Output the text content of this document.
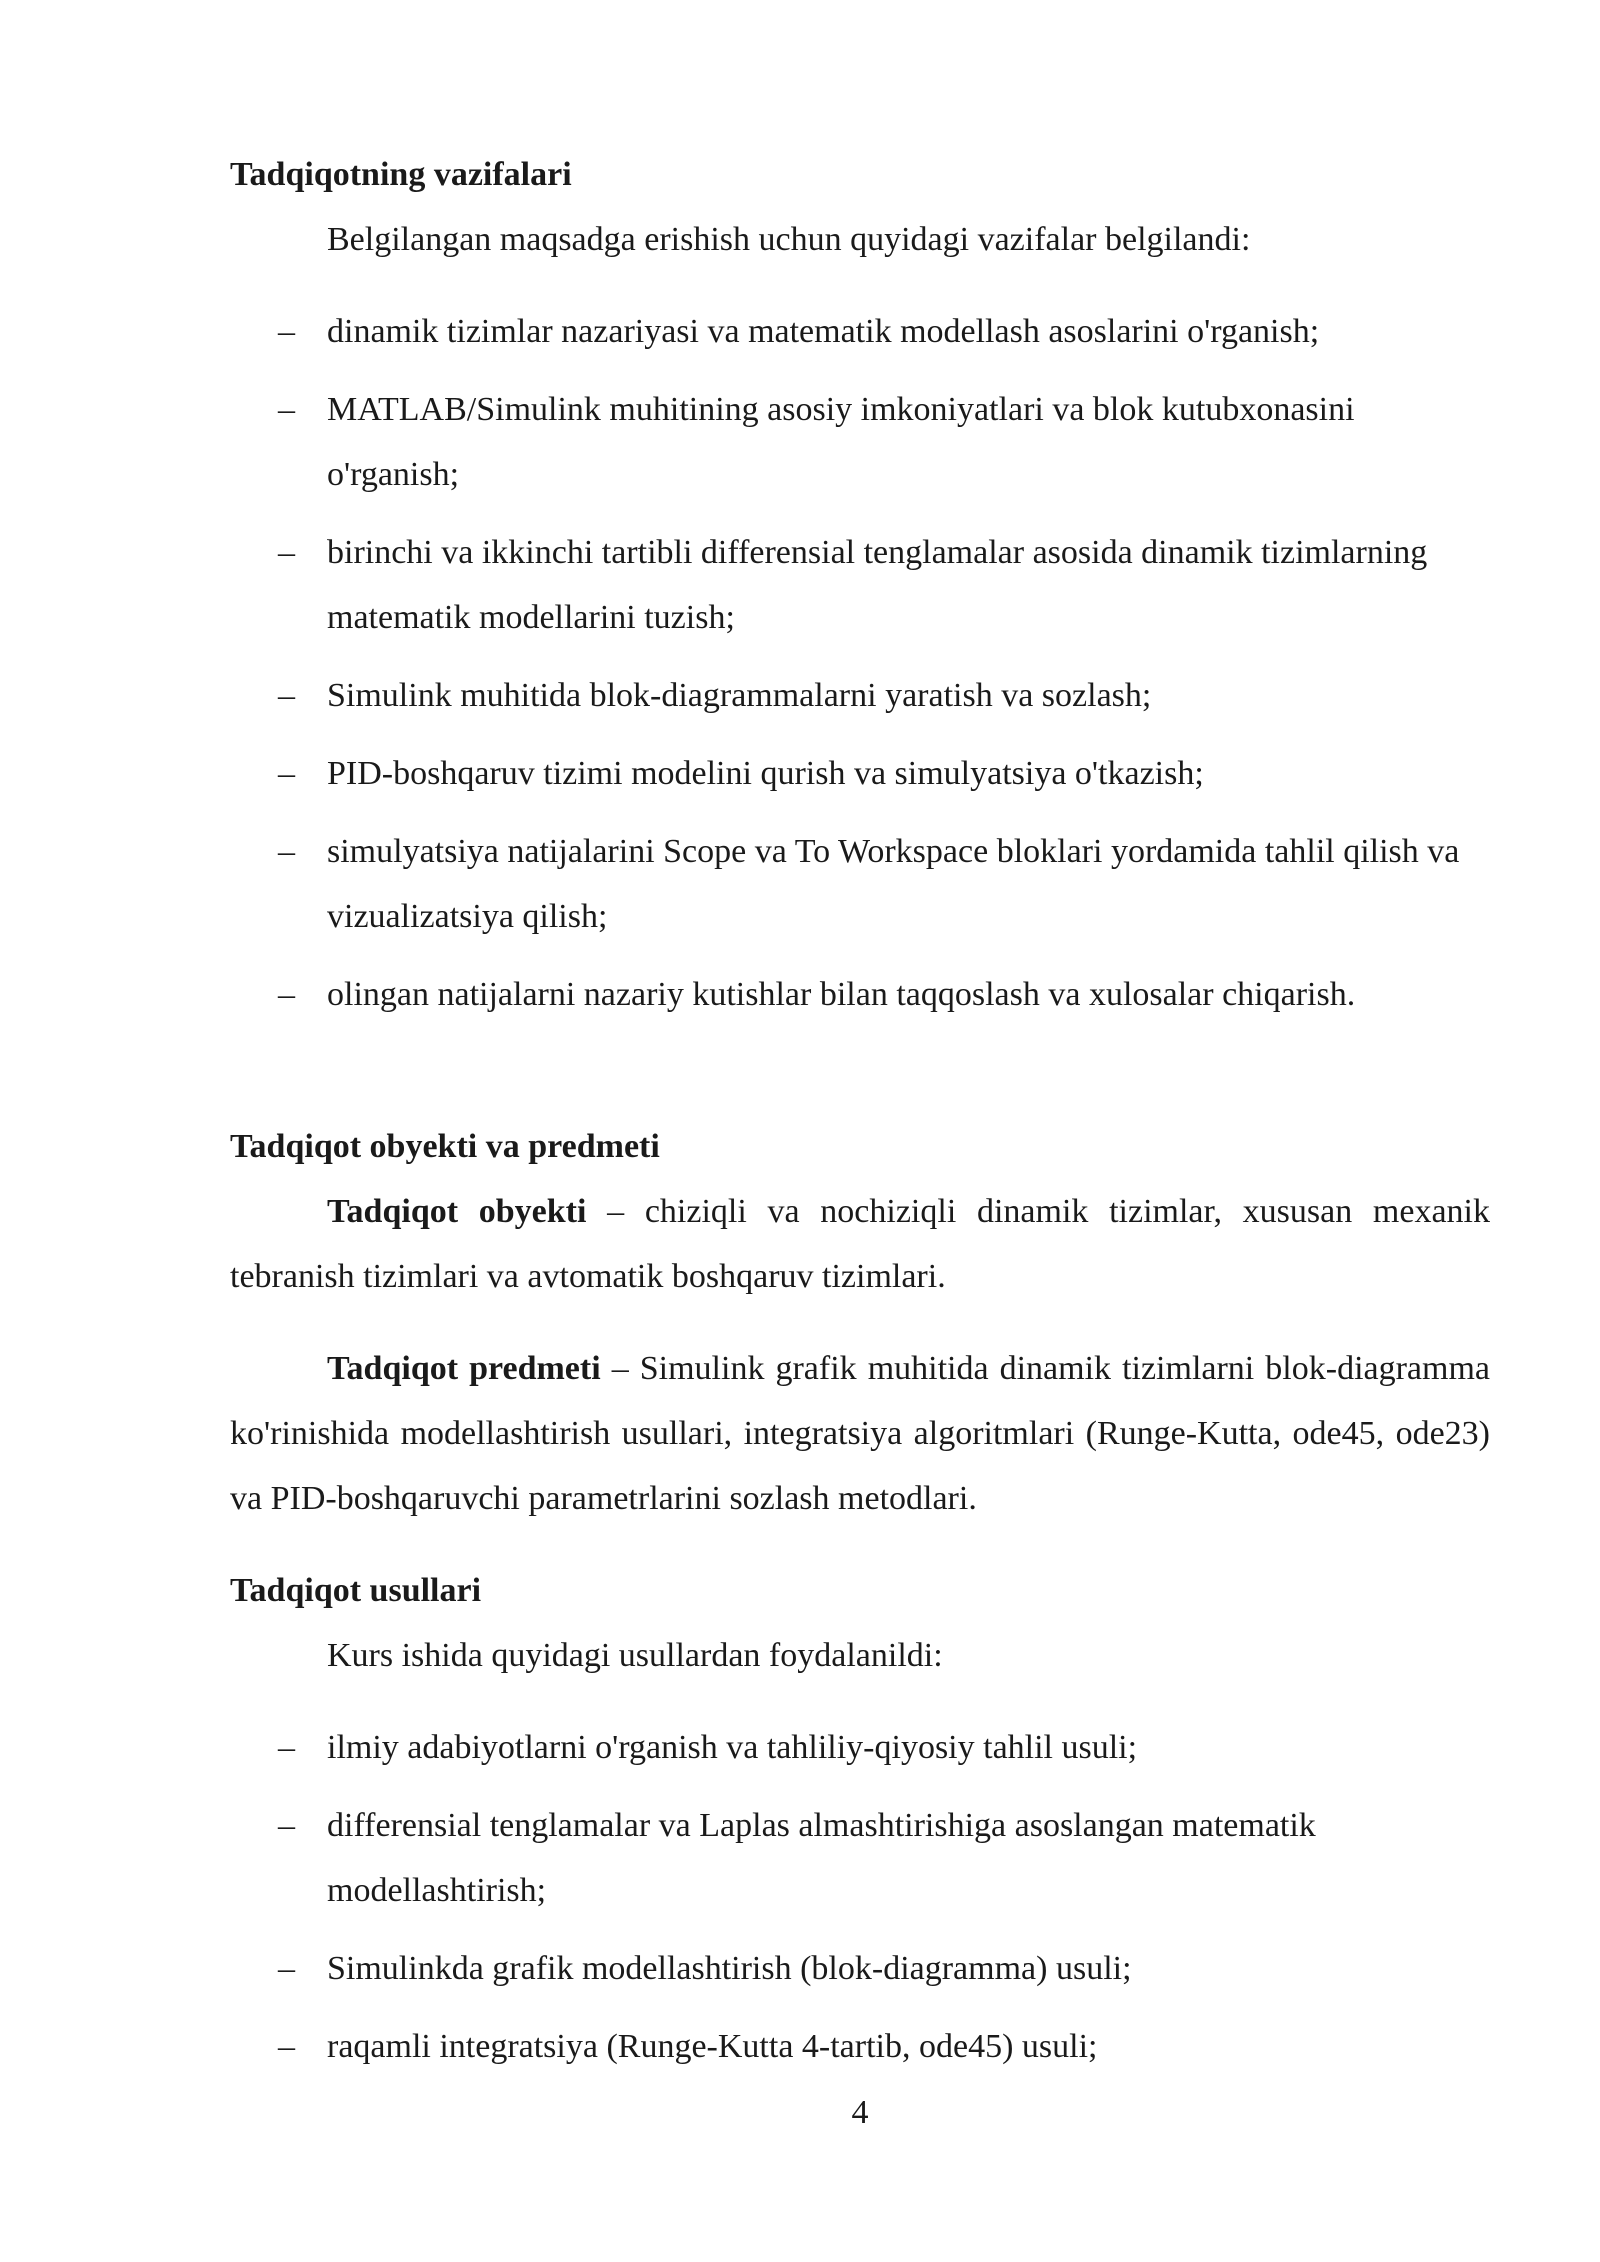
Tadqiqotning vazifalari
Belgilangan maqsadga erishish uchun quyidagi vazifalar belgilandi:
– dinamik tizimlar nazariyasi va matematik modellash asoslarini o'rganish;
– MATLAB/Simulink muhitining asosiy imkoniyatlari va blok kutubxonasini o'rganish;
– birinchi va ikkinchi tartibli differensial tenglamalar asosida dinamik tizimlarning matematik modellarini tuzish;
– Simulink muhitida blok-diagrammalarni yaratish va sozlash;
– PID-boshqaruv tizimi modelini qurish va simulyatsiya o'tkazish;
– simulyatsiya natijalarini Scope va To Workspace bloklari yordamida tahlil qilish va vizualizatsiya qilish;
– olingan natijalarni nazariy kutishlar bilan taqqoslash va xulosalar chiqarish.
Tadqiqot obyekti va predmeti

Tadqiqot obyekti – chiziqli va nochiziqli dinamik tizimlar, xususan mexanik tebranish tizimlari va avtomatik boshqaruv tizimlari.

Tadqiqot predmeti – Simulink grafik muhitida dinamik tizimlarni blok-diagramma ko'rinishida modellashtirish usullari, integratsiya algoritmlari (Runge-Kutta, ode45, ode23) va PID-boshqaruvchi parametrlarini sozlash metodlari.

Tadqiqot usullari
Kurs ishida quyidagi usullardan foydalanildi:
– ilmiy adabiyotlarni o'rganish va tahliliy-qiyosiy tahlil usuli;
– differensial tenglamalar va Laplas almashtirishiga asoslangan matematik modellashtirish;
– Simulinkda grafik modellashtirish (blok-diagramma) usuli;
– raqamli integratsiya (Runge-Kutta 4-tartib, ode45) usuli;
4
